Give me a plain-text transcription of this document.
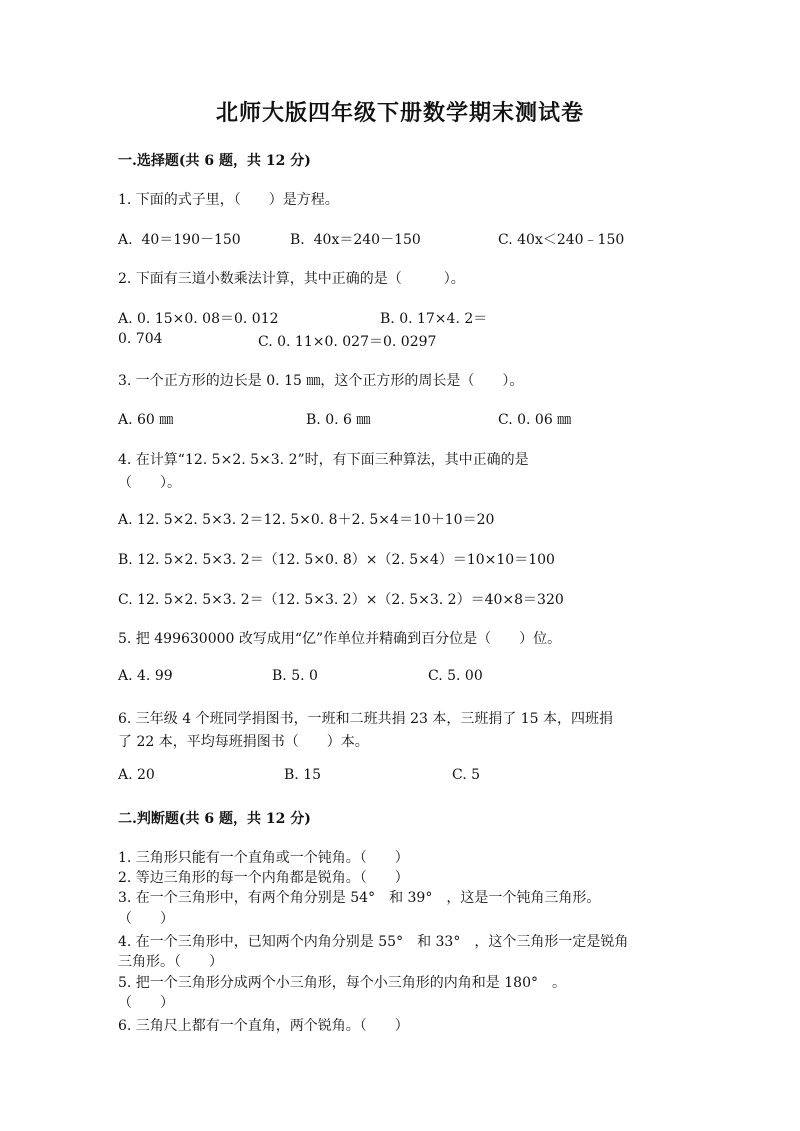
北师大版四年级下册数学期末测试卷
一.选择题(共 6 题，共 12 分)
1. 下面的式子里，（　　）是方程。
A.  40＝190－150	B.  40x＝240－150	C. 40x＜240﹣150
2. 下面有三道小数乘法计算，其中正确的是（　　　）。
A. 0. 15×0. 08＝0. 012	B. 0. 17×4. 2＝
0. 704	C. 0. 11×0. 027＝0. 0297
3. 一个正方形的边长是 0. 15 ㎜，这个正方形的周长是（　　）。
A. 60 ㎜	B. 0. 6 ㎜	C. 0. 06 ㎜
4. 在计算“12. 5×2. 5×3. 2”时，有下面三种算法，其中正确的是
（　　）。
A. 12. 5×2. 5×3. 2＝12. 5×0. 8＋2. 5×4＝10＋10＝20
B. 12. 5×2. 5×3. 2＝（12. 5×0. 8）×（2. 5×4）＝10×10＝100
C. 12. 5×2. 5×3. 2＝（12. 5×3. 2）×（2. 5×3. 2）＝40×8＝320
5. 把 499630000 改写成用“亿”作单位并精确到百分位是（　　）位。
A. 4. 99	B. 5. 0	C. 5. 00
6. 三年级 4 个班同学捐图书，一班和二班共捐 23 本，三班捐了 15 本，四班捐
了 22 本，平均每班捐图书（　　）本。
A. 20	B. 15	C. 5
二.判断题(共 6 题，共 12 分)
1. 三角形只能有一个直角或一个钝角。（　　）
2. 等边三角形的每一个内角都是锐角。（　　）
3. 在一个三角形中，有两个角分别是 54°　和 39°　，这是一个钝角三角形。
（　　）
4. 在一个三角形中，已知两个内角分别是 55°　和 33°　，这个三角形一定是锐角
三角形。（　　）
5. 把一个三角形分成两个小三角形，每个小三角形的内角和是 180°　。
（　　）
6. 三角尺上都有一个直角，两个锐角。（　　）
